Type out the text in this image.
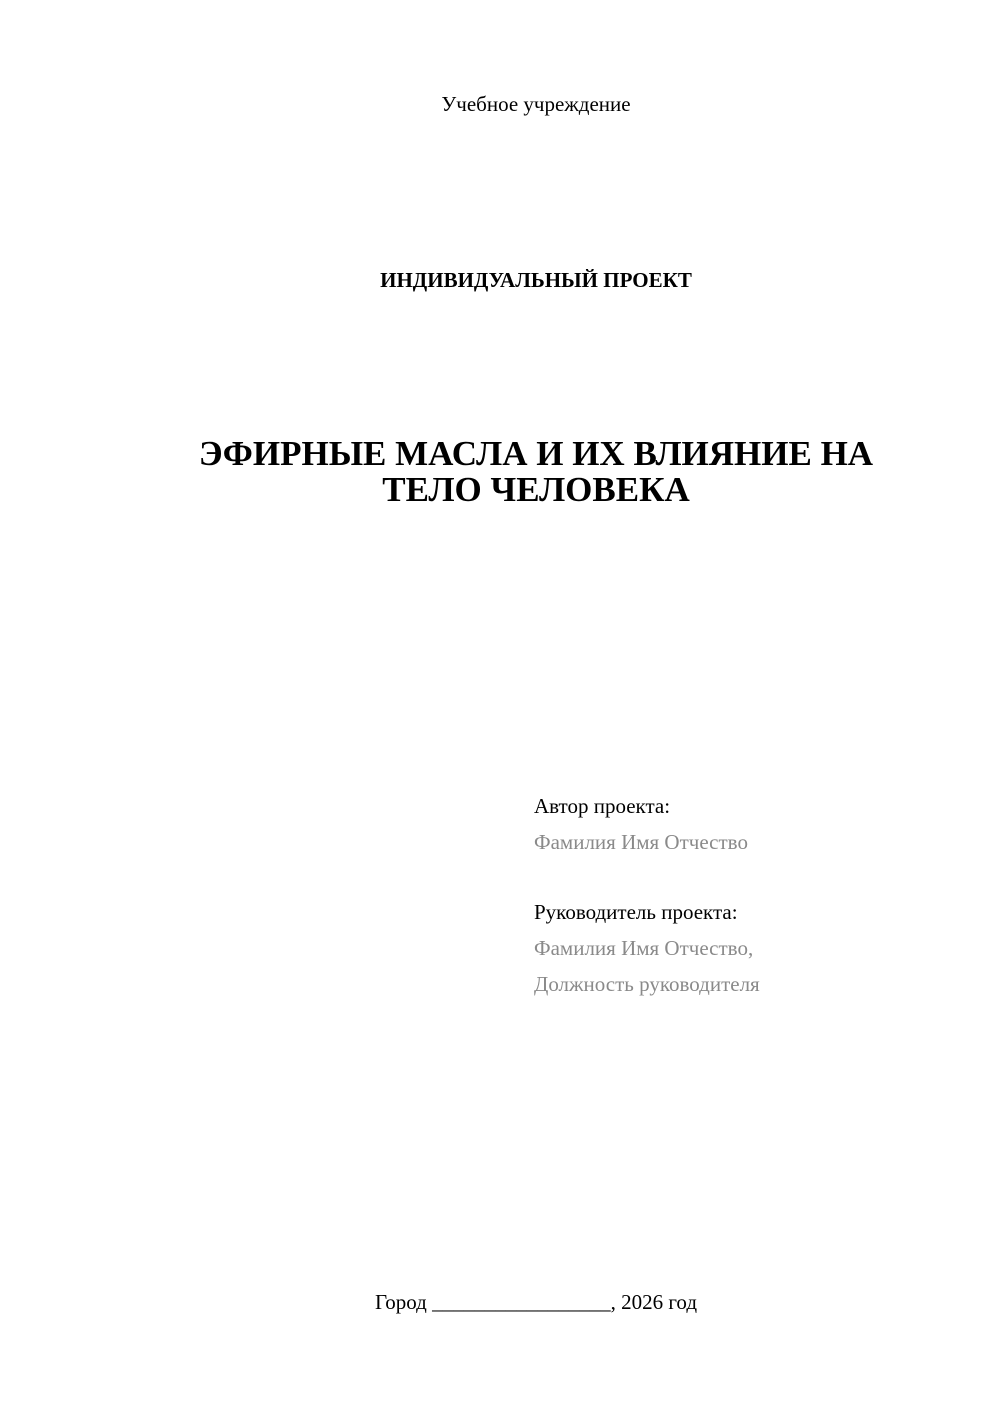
Учебное учреждение
ИНДИВИДУАЛЬНЫЙ ПРОЕКТ
ЭФИРНЫЕ МАСЛА И ИХ ВЛИЯНИЕ НА
ТЕЛО ЧЕЛОВЕКА
Автор проекта:
Фамилия Имя Отчество
Руководитель проекта:
Фамилия Имя Отчество,
Должность руководителя
Город _________________, 2026 год
